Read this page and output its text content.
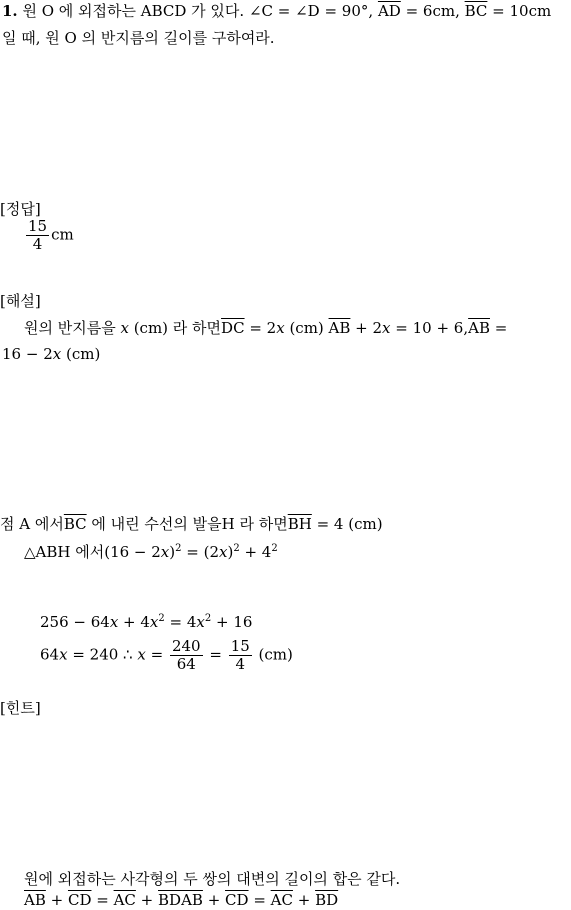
1. 원 O 에 외접하는 ABCD 가 있다. ∠C = ∠D = 90°, $\overline{AD} = 6cm$, $\overline{BC} = 10cm$
일 때, 원 O 의 반지름의 길이를 구하여라.
[정답]
$\frac{15}{4}$ cm
[해설]
원의 반지름을 𝑥 (cm) 라 하면$\overline{DC}$ = 2𝑥 (cm) $\overline{AB}$ + 2𝑥 = $10 + 6,\overline{AB}$ =
16 − 2𝑥 (cm)
점 A 에서$\overline{BC}$ 에 내린 수선의 발을H 라 하면$\overline{BH} = 4$ (cm)
△ABH 에서(16 − 2𝑥)$^2$ = (2𝑥)$^2$ + $4^2$
256 − 64𝑥 + 4𝑥$^2$ = 4𝑥$^2$ + 16
64𝑥 = 240 ∴ 𝑥 = $\frac{240}{64} = \frac{15}{4} (cm)$
[힌트]
원에 외접하는 사각형의 두 쌍의 대변의 길이의 합은 같다.
$\overline{AB} + \overline{CD} = \overline{AC}$ + BDAB + $\overline{CD} = \overline{AC} + \overline{BD}$
